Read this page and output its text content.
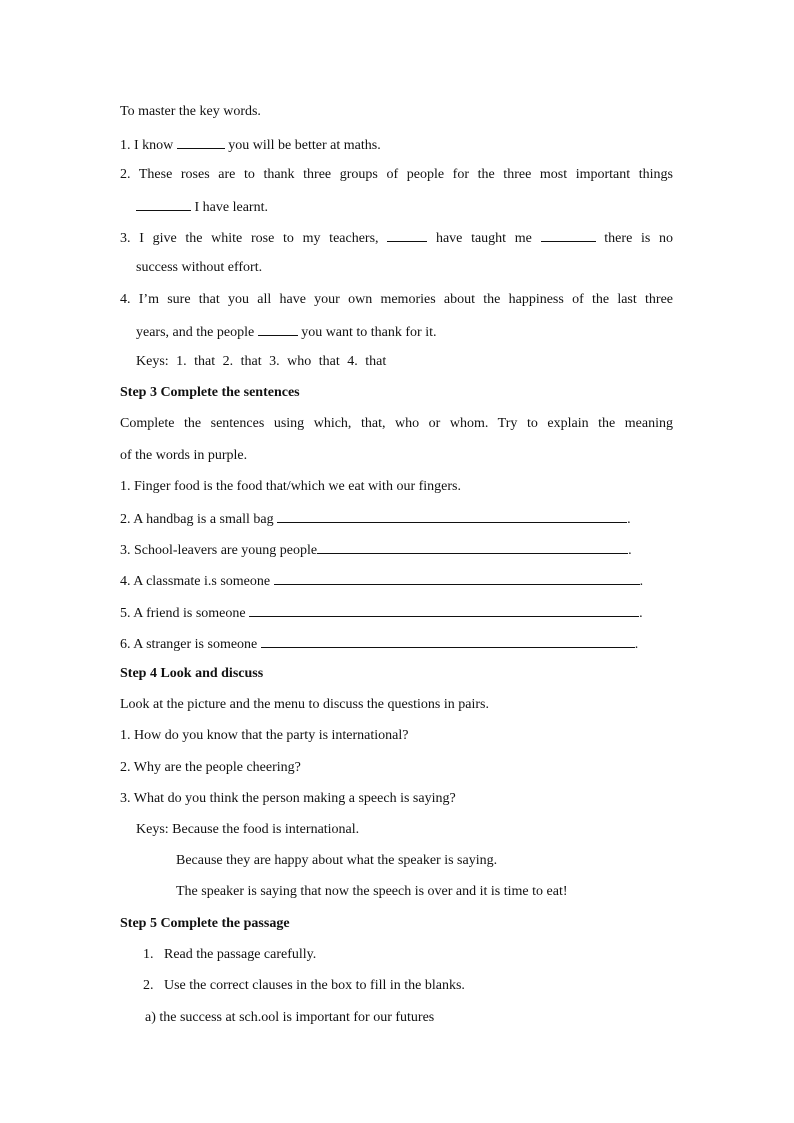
To master the key words.
1. I know	you will be better at maths.
2. These roses are to thank three groups of people for the three most important things
I have learnt.
3. I give the white rose to my teachers,	have taught me	there is no
success without effort.
4. I’m sure that you all have your own memories about the happiness of the last three
years, and the people	you want to thank for it.
Keys: 1. that 2. that 3. who that 4. that
Step 3 Complete the sentences
Complete the sentences using which, that, who or whom. Try to explain the meaning
of the words in purple.
1. Finger food is the food that/which we eat with our fingers.
2. A handbag is a small bag	.
3. School-leavers are young people	.
4. A classmate i.s someone	.
5. A friend is someone	.
6. A stranger is someone	.
Step 4 Look and discuss
Look at the picture and the menu to discuss the questions in pairs.
1. How do you know that the party is international?
2. Why are the people cheering?
3. What do you think the person making a speech is saying?
Keys: Because the food is international.
Because they are happy about what the speaker is saying.
The speaker is saying that now the speech is over and it is time to eat!
Step 5 Complete the passage
1.   Read the passage carefully.
2.   Use the correct clauses in the box to fill in the blanks.
a) the success at sch.ool is important for our futures
